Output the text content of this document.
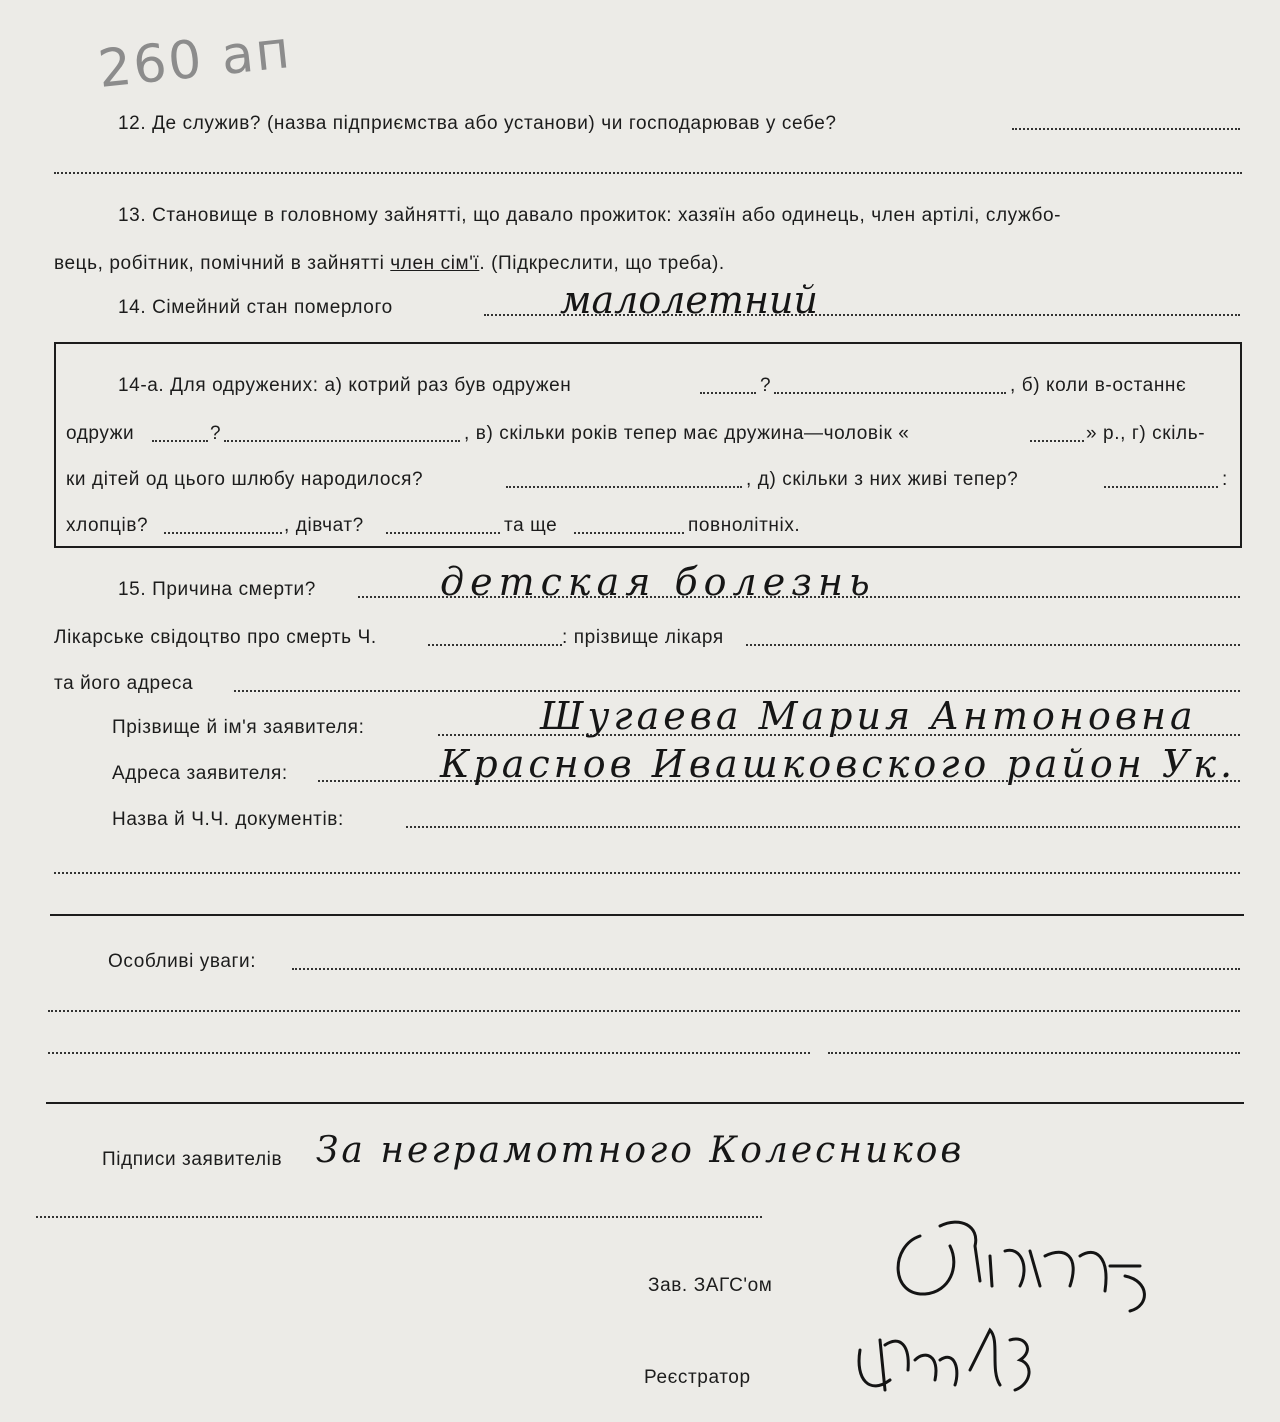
260 ап
12. Де служив? (назва підприємства або установи) чи господарював у себе?
13. Становище в головному зайнятті, що давало прожиток: хазяїн або одинець, член артілі, службо-
вець, робітник, помічний в зайнятті член сім'ї. (Підкреслити, що треба).
14. Сімейний стан померлого	малолетний
14-а. Для одружених: а) котрий раз був одружен	?	, б) коли в-останнє
одружи	?	, в) скільки років тепер має дружина—чоловік «	» р., г) скіль-
ки дітей од цього шлюбу народилося?	, д) скільки з них живі тепер?	:
хлопців?	, дівчат?	та ще	повнолітніх.
15. Причина смерти?	детская болезнь
Лікарське свідоцтво про смерть Ч.	: прізвище лікаря
та його адреса
Прізвище й ім'я заявителя:	Шугаева Мария Антоновна
Адреса заявителя:	Краснов Ивашковского район Ук.
Назва й Ч.Ч. документів:
Особливі уваги:
Підписи заявителів За неграмотного Колесников
Зав. ЗАГС'ом
Реєстратор
